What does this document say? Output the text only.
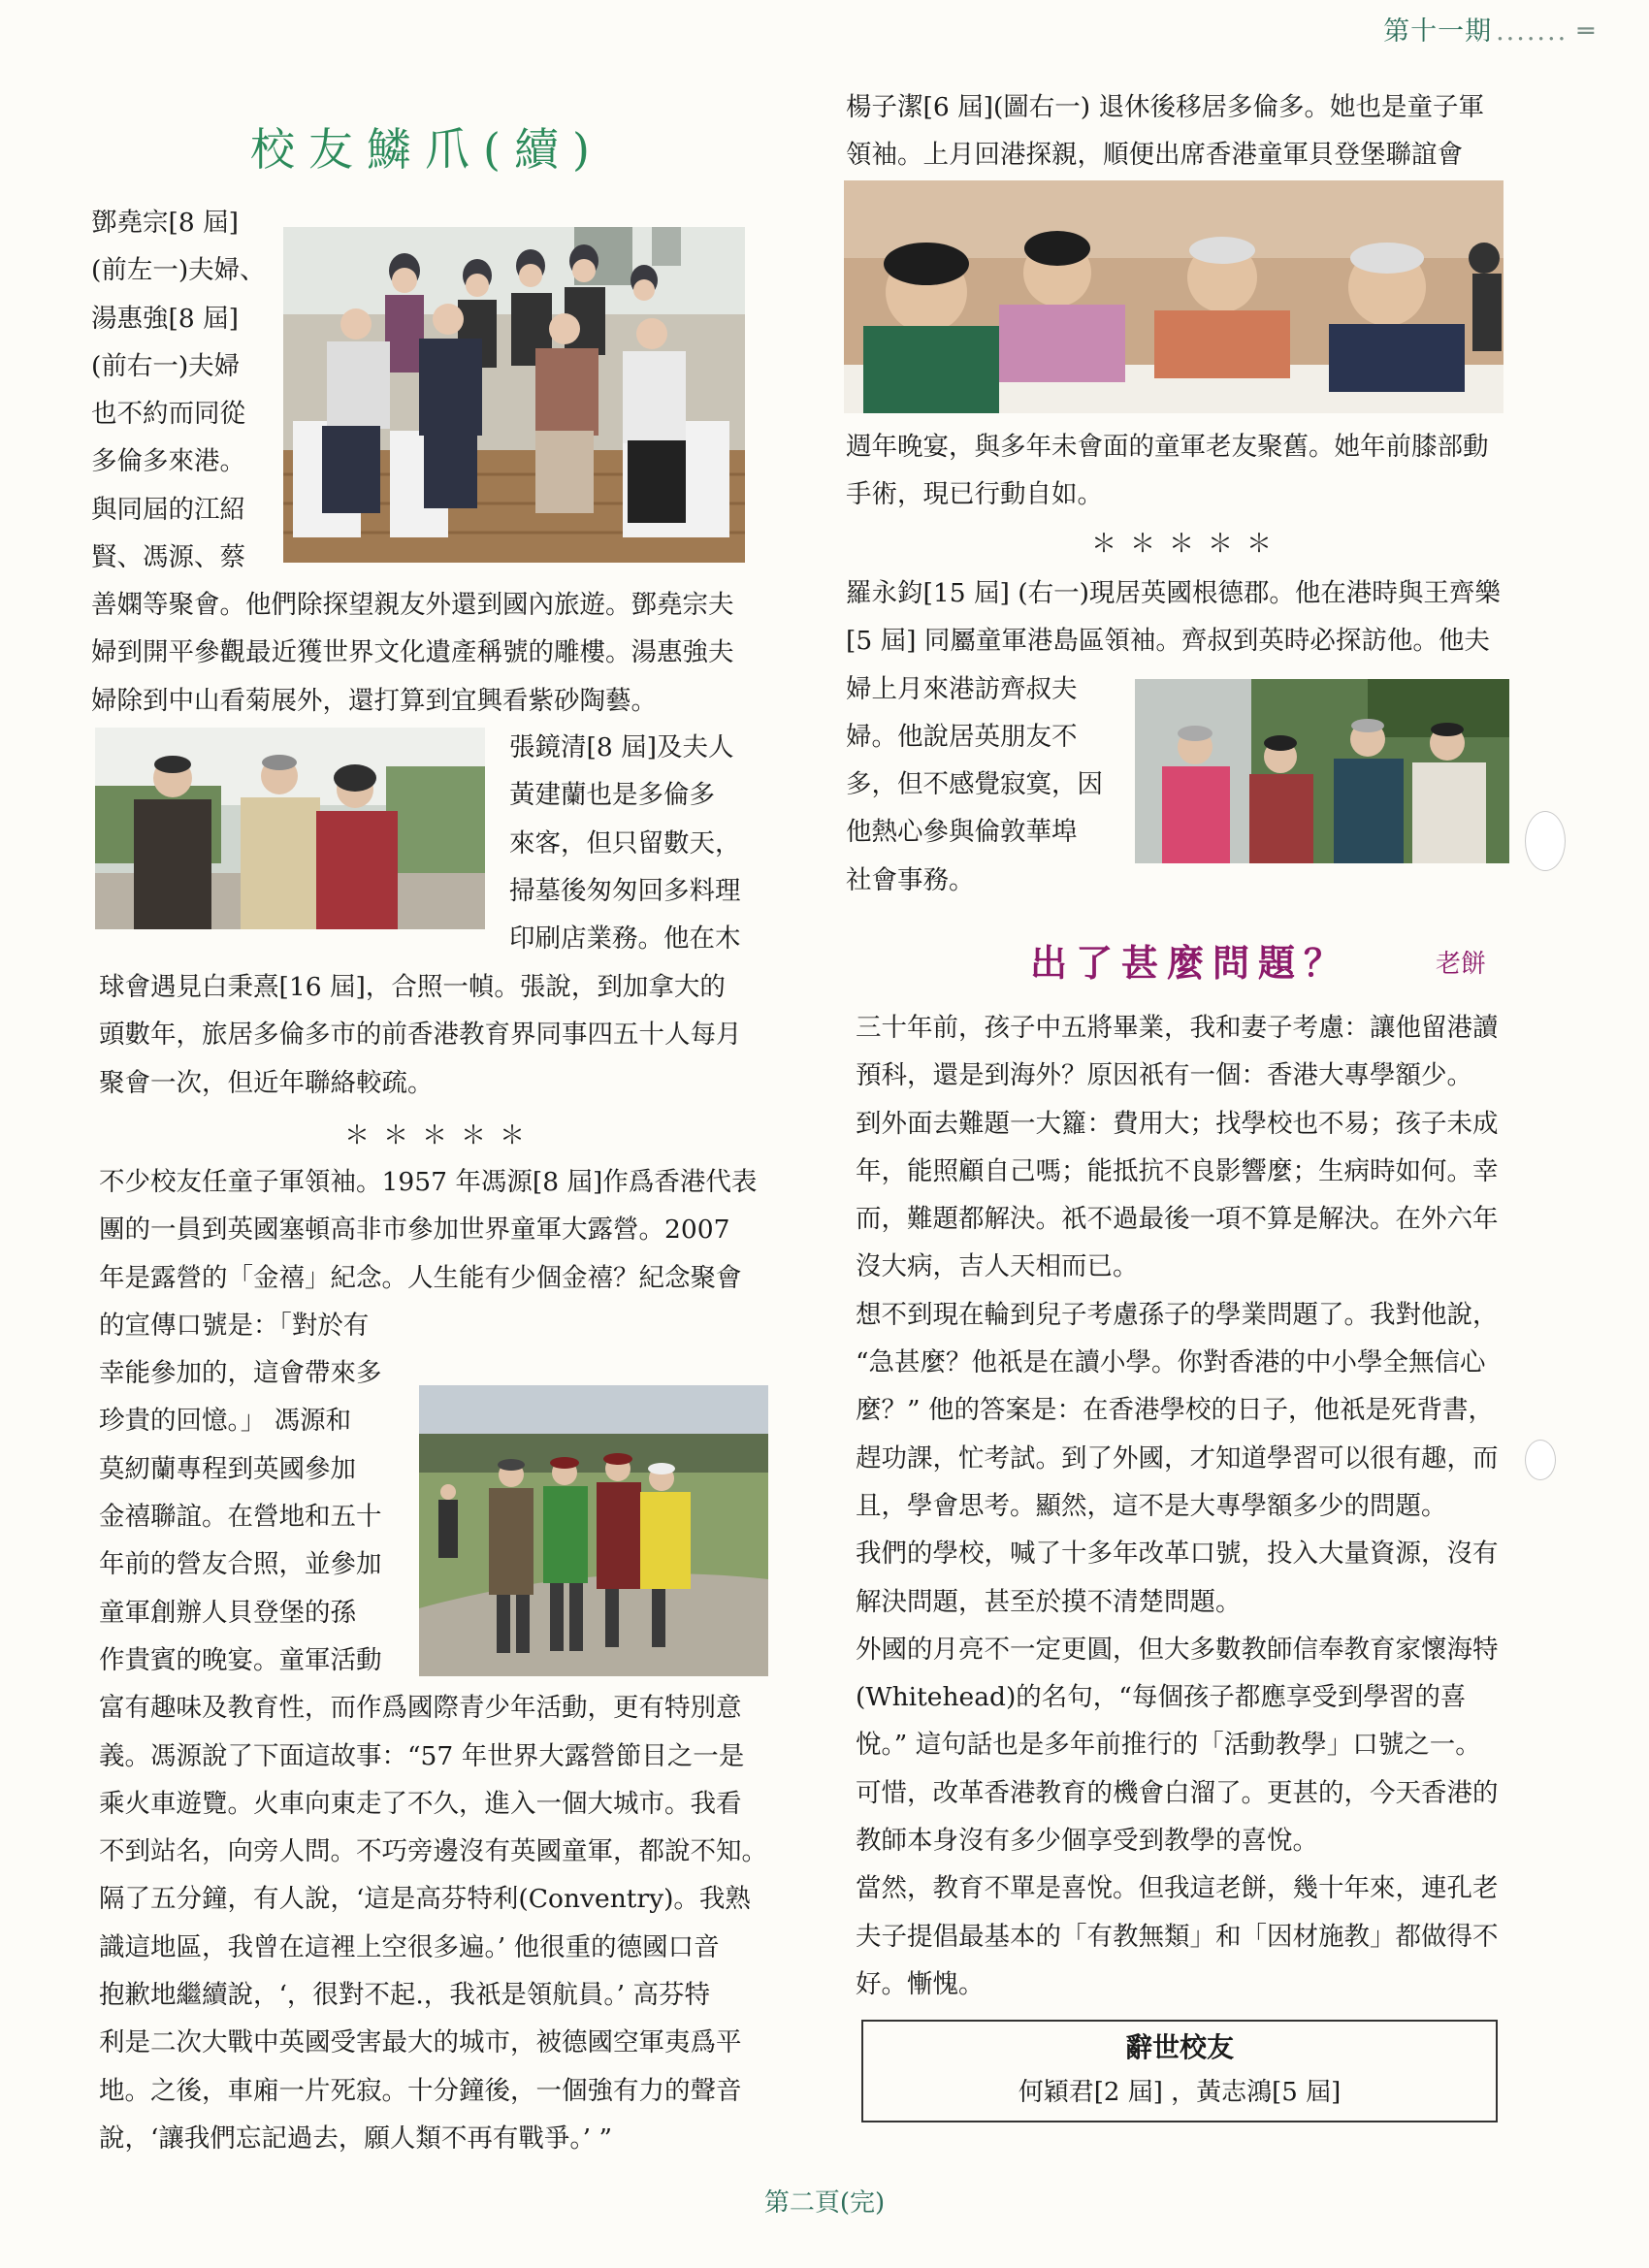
第十一期 ....... ═
校友鱗爪(續)
鄧堯宗[8 屆]
(前左一)夫婦、
湯惠強[8 屆]
(前右一)夫婦
也不約而同從
多倫多來港。
與同屆的江紹
賢、馮源、蔡
善嫻等聚會。他們除探望親友外還到國內旅遊。鄧堯宗夫
婦到開平參觀最近獲世界文化遺產稱號的雕樓。湯惠強夫
婦除到中山看菊展外，還打算到宜興看紫砂陶藝。
張鏡清[8 屆]及夫人
黃建蘭也是多倫多
來客，但只留數天，
掃墓後匆匆回多料理
印刷店業務。他在木
球會遇見白秉熹[16 屆]，合照一幀。張說，到加拿大的
頭數年，旅居多倫多市的前香港教育界同事四五十人每月
聚會一次，但近年聯絡較疏。
＊＊＊＊＊
不少校友任童子軍領袖。1957 年馮源[8 屆]作爲香港代表
團的一員到英國塞頓高非市參加世界童軍大露營。2007
年是露營的「金禧」紀念。人生能有少個金禧？紀念聚會
的宣傳口號是：「對於有
幸能參加的，這會帶來多
珍貴的回憶。」 馮源和
莫紉蘭專程到英國參加
金禧聯誼。在營地和五十
年前的營友合照，並參加
童軍創辦人貝登堡的孫
作貴賓的晚宴。童軍活動
富有趣味及教育性，而作爲國際青少年活動，更有特別意
義。馮源說了下面這故事：“57 年世界大露營節目之一是
乘火車遊覽。火車向東走了不久，進入一個大城市。我看
不到站名，向旁人問。不巧旁邊沒有英國童軍，都說不知。
隔了五分鐘，有人說，‘這是高芬特利(Conventry)。我熟
識這地區，我曾在這裡上空很多遍。’ 他很重的德國口音
抱歉地繼續說，‘，很對不起.，我祇是領航員。’ 高芬特
利是二次大戰中英國受害最大的城市，被德國空軍夷爲平
地。之後，車廂一片死寂。十分鐘後，一個強有力的聲音
說，‘讓我們忘記過去，願人類不再有戰爭。’ ”
楊子潔[6 屆](圖右一) 退休後移居多倫多。她也是童子軍
領袖。上月回港探親，順便出席香港童軍貝登堡聯誼會
週年晚宴，與多年未會面的童軍老友聚舊。她年前膝部動
手術，現已行動自如。
＊＊＊＊＊
羅永鈞[15 屆] (右一)現居英國根德郡。他在港時與王齊樂
[5 屆] 同屬童軍港島區領袖。齊叔到英時必探訪他。他夫
婦上月來港訪齊叔夫
婦。他說居英朋友不
多，但不感覺寂寞，因
他熱心參與倫敦華埠
社會事務。
出了甚麼問題？	老餅
三十年前，孩子中五將畢業，我和妻子考慮：讓他留港讀
預科，還是到海外？原因祇有一個：香港大專學額少。
到外面去難題一大籮：費用大；找學校也不易；孩子未成
年，能照顧自己嗎；能抵抗不良影響麼；生病時如何。幸
而，難題都解決。祇不過最後一項不算是解決。在外六年
沒大病，吉人天相而已。
想不到現在輪到兒子考慮孫子的學業問題了。我對他說，
“急甚麼？他祇是在讀小學。你對香港的中小學全無信心
麼？” 他的答案是：在香港學校的日子，他祇是死背書，
趕功課，忙考試。到了外國，才知道學習可以很有趣，而
且，學會思考。顯然，這不是大專學額多少的問題。
我們的學校，喊了十多年改革口號，投入大量資源，沒有
解決問題，甚至於摸不清楚問題。
外國的月亮不一定更圓，但大多數教師信奉教育家懷海特
(Whitehead)的名句，“每個孩子都應享受到學習的喜
悅。” 這句話也是多年前推行的「活動教學」口號之一。
可惜，改革香港教育的機會白溜了。更甚的，今天香港的
教師本身沒有多少個享受到教學的喜悅。
當然，教育不單是喜悅。但我這老餅，幾十年來，連孔老
夫子提倡最基本的「有教無類」和「因材施教」都做得不
好。慚愧。
辭世校友
何穎君[2 屆] ，黃志鴻[5 屆]
第二頁(完)
